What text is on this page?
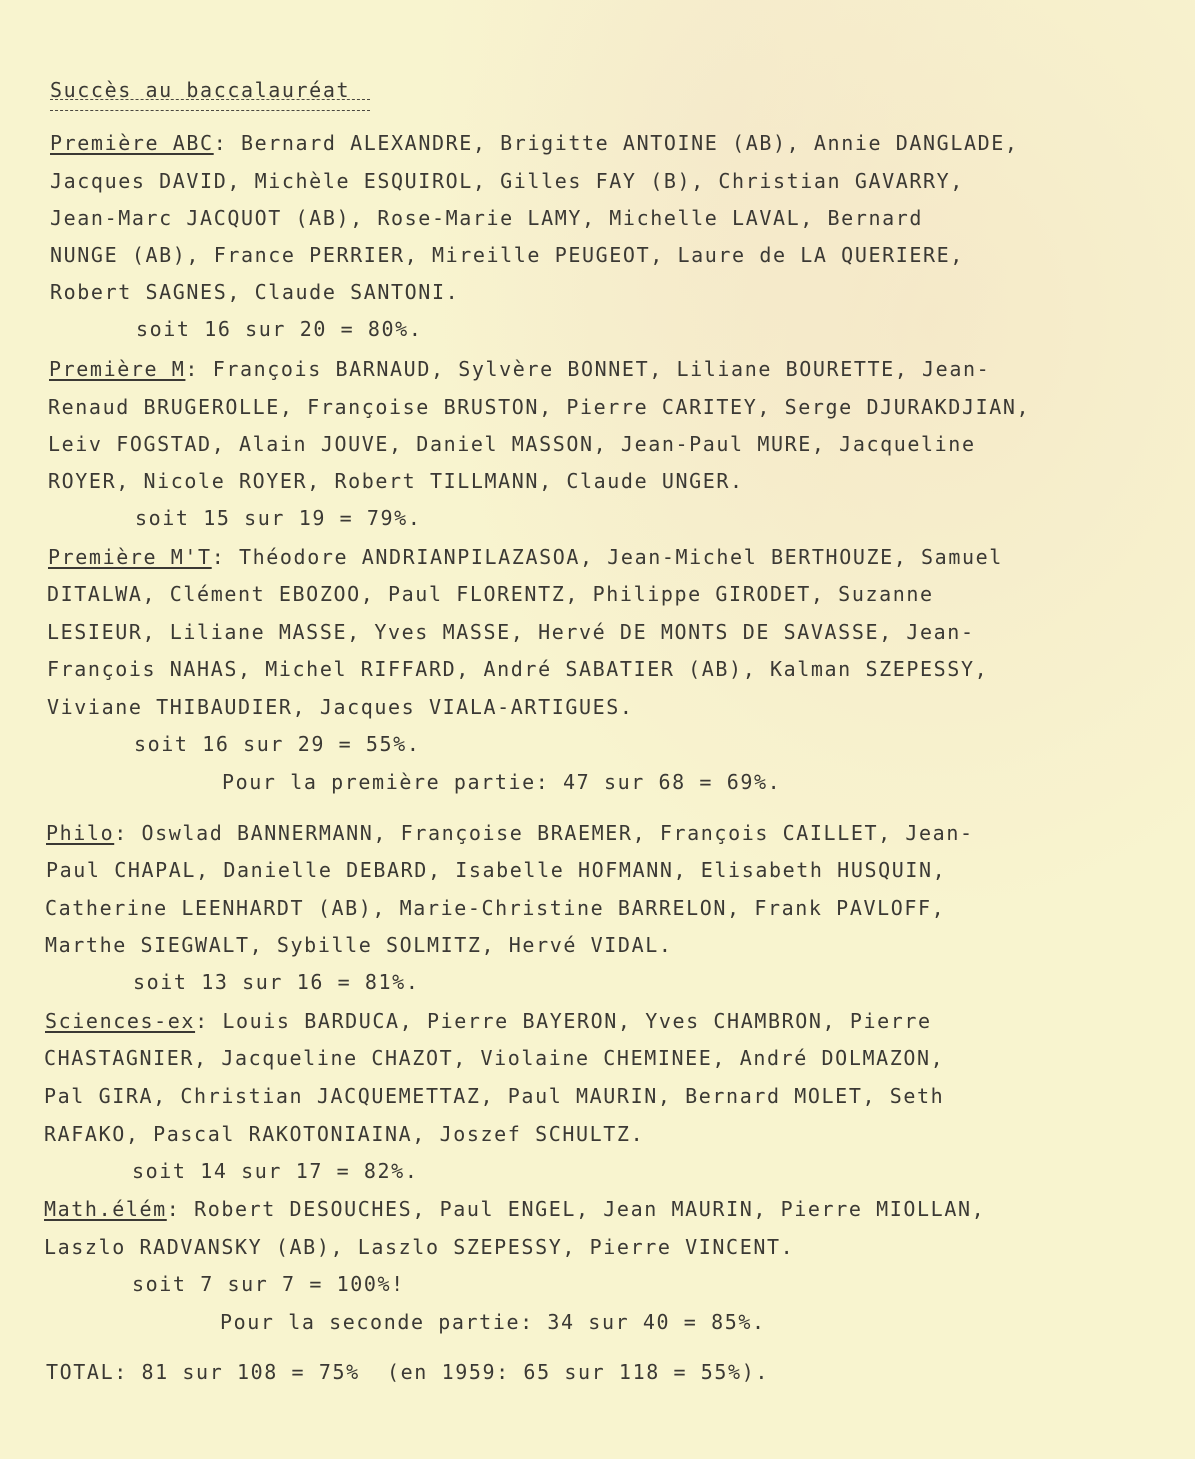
Succès au baccalauréat
Première ABC: Bernard ALEXANDRE, Brigitte ANTOINE (AB), Annie DANGLADE,
Jacques DAVID, Michèle ESQUIROL, Gilles FAY (B), Christian GAVARRY,
Jean-Marc JACQUOT (AB), Rose-Marie LAMY, Michelle LAVAL, Bernard
NUNGE (AB), France PERRIER, Mireille PEUGEOT, Laure de LA QUERIERE,
Robert SAGNES, Claude SANTONI.
soit 16 sur 20 = 80%.
Première M: François BARNAUD, Sylvère BONNET, Liliane BOURETTE, Jean-
Renaud BRUGEROLLE, Françoise BRUSTON, Pierre CARITEY, Serge DJURAKDJIAN,
Leiv FOGSTAD, Alain JOUVE, Daniel MASSON, Jean-Paul MURE, Jacqueline
ROYER, Nicole ROYER, Robert TILLMANN, Claude UNGER.
soit 15 sur 19 = 79%.
Première M'T: Théodore ANDRIANPILAZASOA, Jean-Michel BERTHOUZE, Samuel
DITALWA, Clément EBOZOO, Paul FLORENTZ, Philippe GIRODET, Suzanne
LESIEUR, Liliane MASSE, Yves MASSE, Hervé DE MONTS DE SAVASSE, Jean-
François NAHAS, Michel RIFFARD, André SABATIER (AB), Kalman SZEPESSY,
Viviane THIBAUDIER, Jacques VIALA-ARTIGUES.
soit 16 sur 29 = 55%.
Pour la première partie: 47 sur 68 = 69%.
Philo: Oswlad BANNERMANN, Françoise BRAEMER, François CAILLET, Jean-
Paul CHAPAL, Danielle DEBARD, Isabelle HOFMANN, Elisabeth HUSQUIN,
Catherine LEENHARDT (AB), Marie-Christine BARRELON, Frank PAVLOFF,
Marthe SIEGWALT, Sybille SOLMITZ, Hervé VIDAL.
soit 13 sur 16 = 81%.
Sciences-ex: Louis BARDUCA, Pierre BAYERON, Yves CHAMBRON, Pierre
CHASTAGNIER, Jacqueline CHAZOT, Violaine CHEMINEE, André DOLMAZON,
Pal GIRA, Christian JACQUEMETTAZ, Paul MAURIN, Bernard MOLET, Seth
RAFAKO, Pascal RAKOTONIAINA, Joszef SCHULTZ.
soit 14 sur 17 = 82%.
Math.élém: Robert DESOUCHES, Paul ENGEL, Jean MAURIN, Pierre MIOLLAN,
Laszlo RADVANSKY (AB), Laszlo SZEPESSY, Pierre VINCENT.
soit 7 sur 7 = 100%!
Pour la seconde partie: 34 sur 40 = 85%.
TOTAL: 81 sur 108 = 75%  (en 1959: 65 sur 118 = 55%).
